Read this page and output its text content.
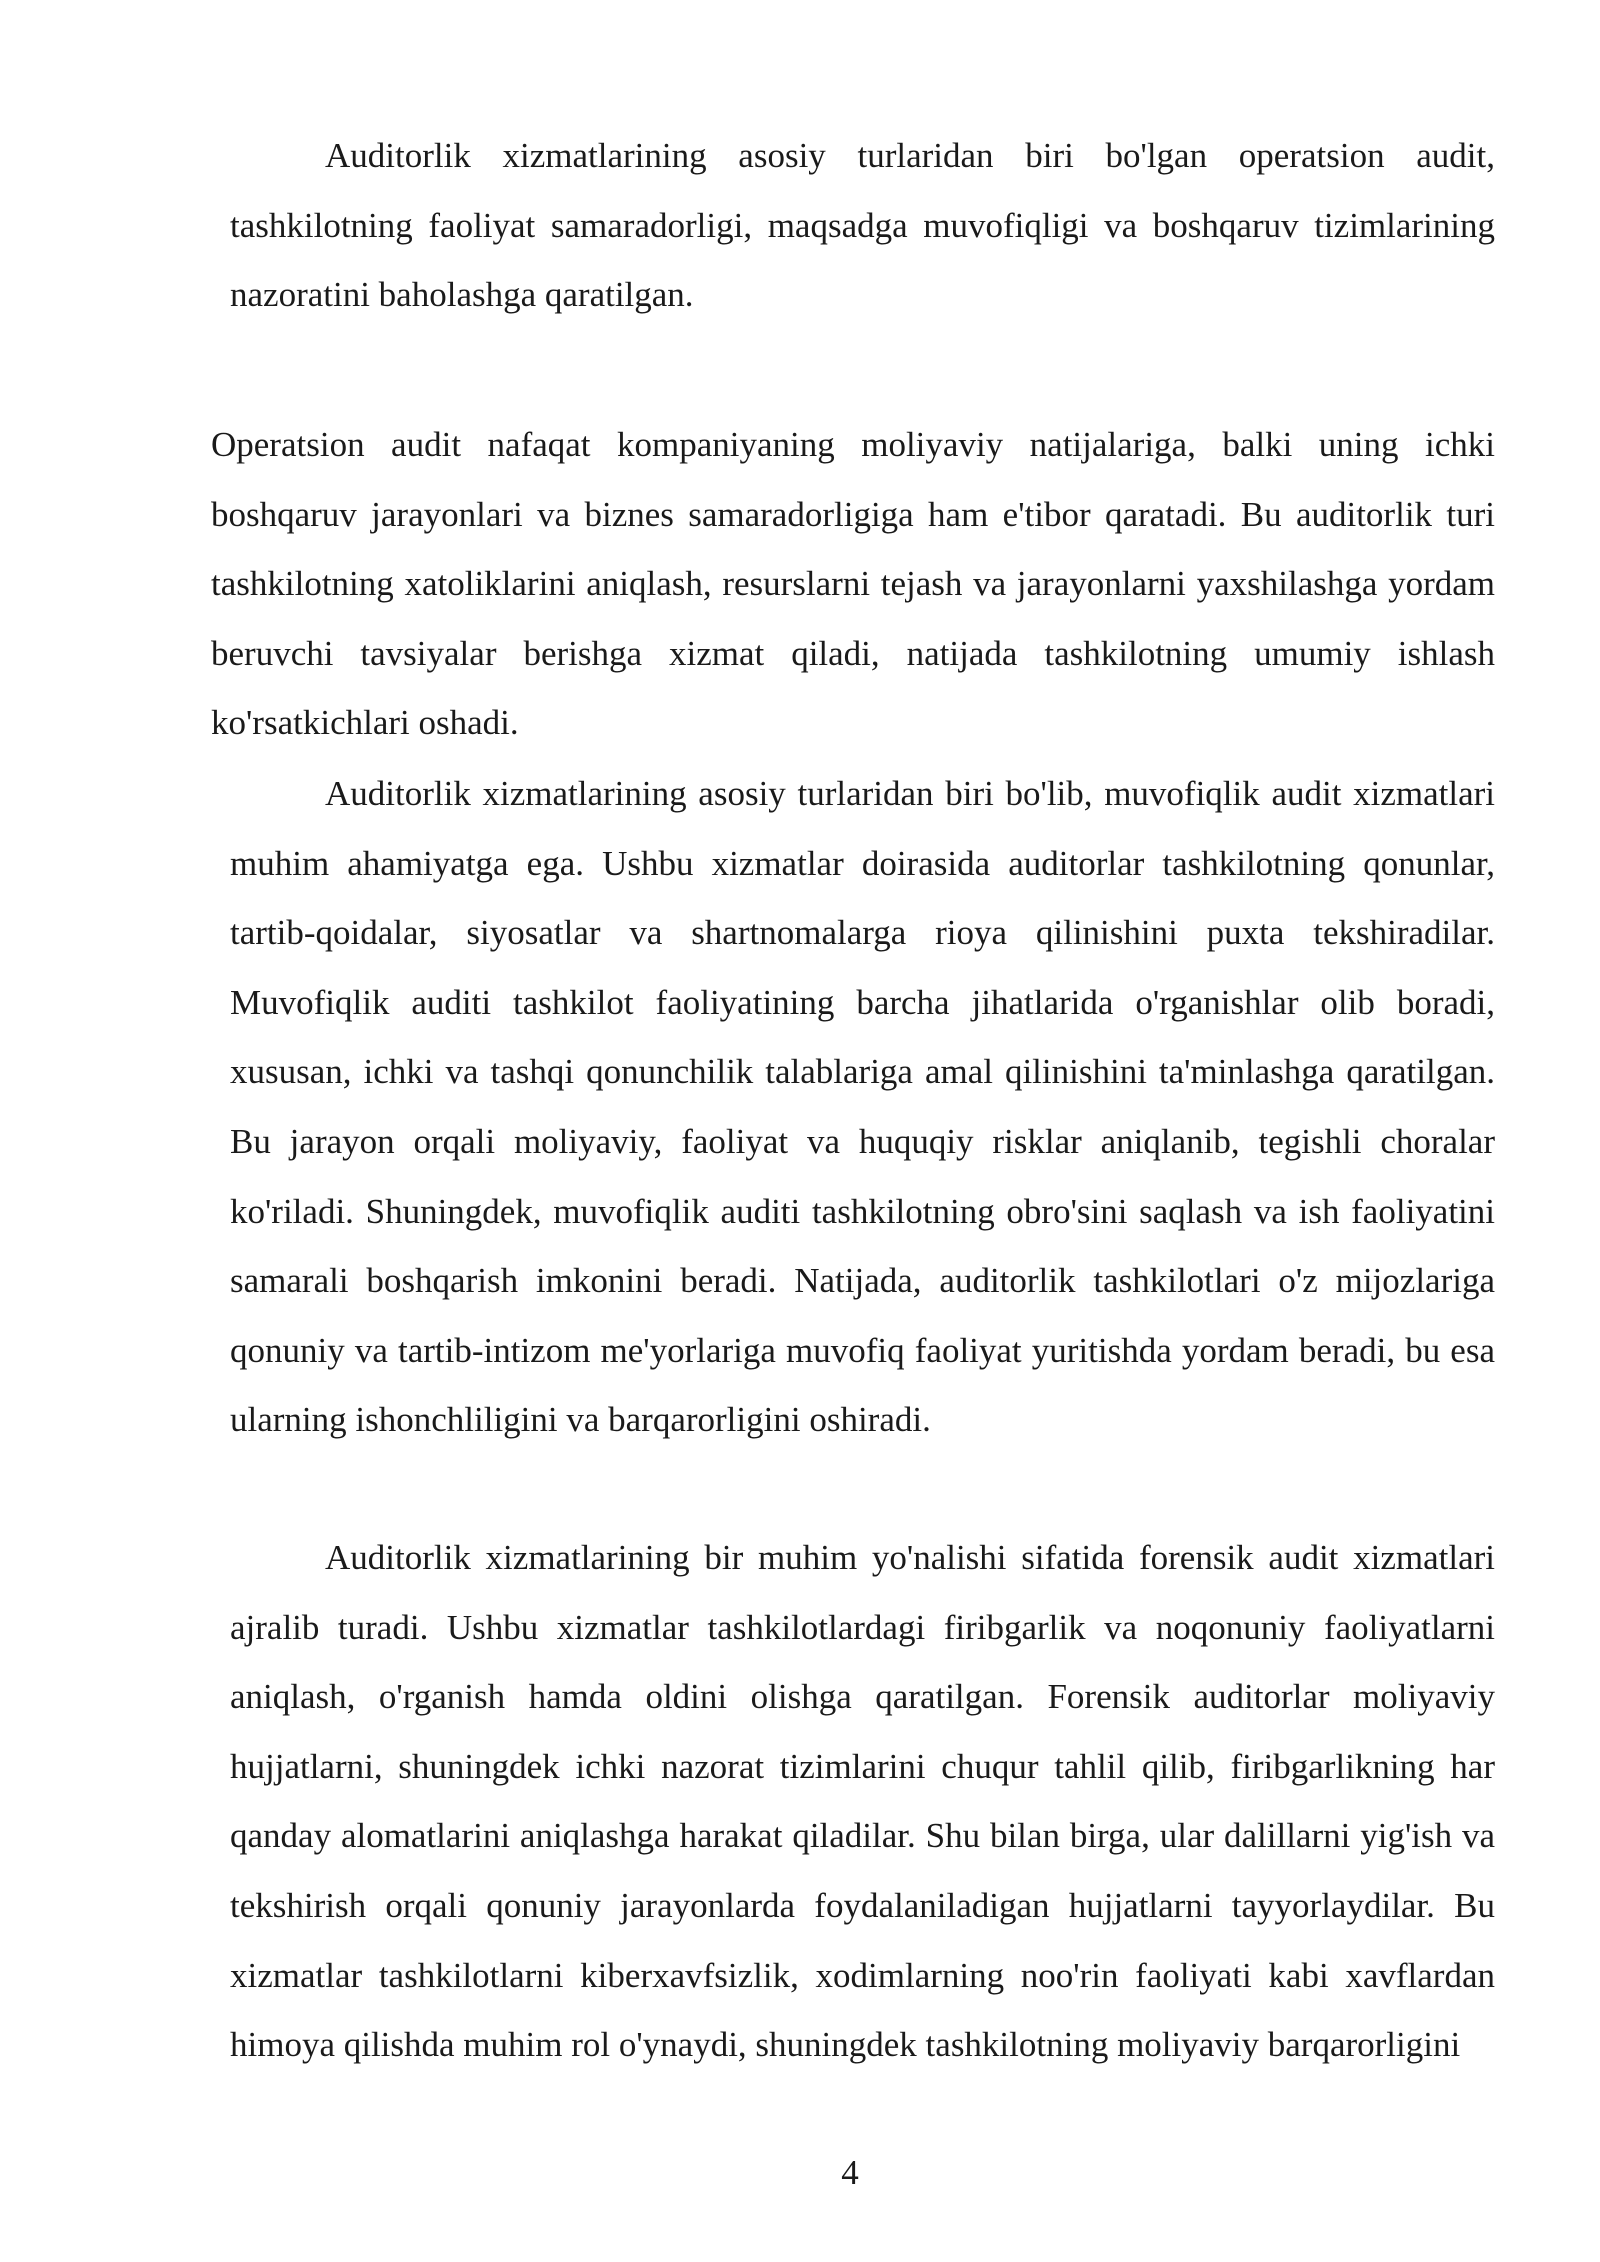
Auditorlik xizmatlarining asosiy turlaridan biri bo'lgan operatsion audit, tashkilotning faoliyat samaradorligi, maqsadga muvofiqligi va boshqaruv tizimlarining nazoratini baholashga qaratilgan.

Operatsion audit nafaqat kompaniyaning moliyaviy natijalariga, balki uning ichki boshqaruv jarayonlari va biznes samaradorligiga ham e'tibor qaratadi. Bu auditorlik turi tashkilotning xatoliklarini aniqlash, resurslarni tejash va jarayonlarni yaxshilashga yordam beruvchi tavsiyalar berishga xizmat qiladi, natijada tashkilotning umumiy ishlash ko'rsatkichlari oshadi.

Auditorlik xizmatlarining asosiy turlaridan biri bo'lib, muvofiqlik audit xizmatlari muhim ahamiyatga ega. Ushbu xizmatlar doirasida auditorlar tashkilotning qonunlar, tartib-qoidalar, siyosatlar va shartnomalarga rioya qilinishini puxta tekshiradilar. Muvofiqlik auditi tashkilot faoliyatining barcha jihatlarida o'rganishlar olib boradi, xususan, ichki va tashqi qonunchilik talablariga amal qilinishini ta'minlashga qaratilgan. Bu jarayon orqali moliyaviy, faoliyat va huquqiy risklar aniqlanib, tegishli choralar ko'riladi. Shuningdek, muvofiqlik auditi tashkilotning obro'sini saqlash va ish faoliyatini samarali boshqarish imkonini beradi. Natijada, auditorlik tashkilotlari o'z mijozlariga qonuniy va tartib-intizom me'yorlariga muvofiq faoliyat yuritishda yordam beradi, bu esa ularning ishonchliligini va barqarorligini oshiradi.

Auditorlik xizmatlarining bir muhim yo'nalishi sifatida forensik audit xizmatlari ajralib turadi. Ushbu xizmatlar tashkilotlardagi firibgarlik va noqonuniy faoliyatlarni aniqlash, o'rganish hamda oldini olishga qaratilgan. Forensik auditorlar moliyaviy hujjatlarni, shuningdek ichki nazorat tizimlarini chuqur tahlil qilib, firibgarlikning har qanday alomatlarini aniqlashga harakat qiladilar. Shu bilan birga, ular dalillarni yig'ish va tekshirish orqali qonuniy jarayonlarda foydalaniladigan hujjatlarni tayyorlaydilar. Bu xizmatlar tashkilotlarni kiberxavfsizlik, xodimlarning noo'rin faoliyati kabi xavflardan himoya qilishda muhim rol o'ynaydi, shuningdek tashkilotning moliyaviy barqarorligini

4
